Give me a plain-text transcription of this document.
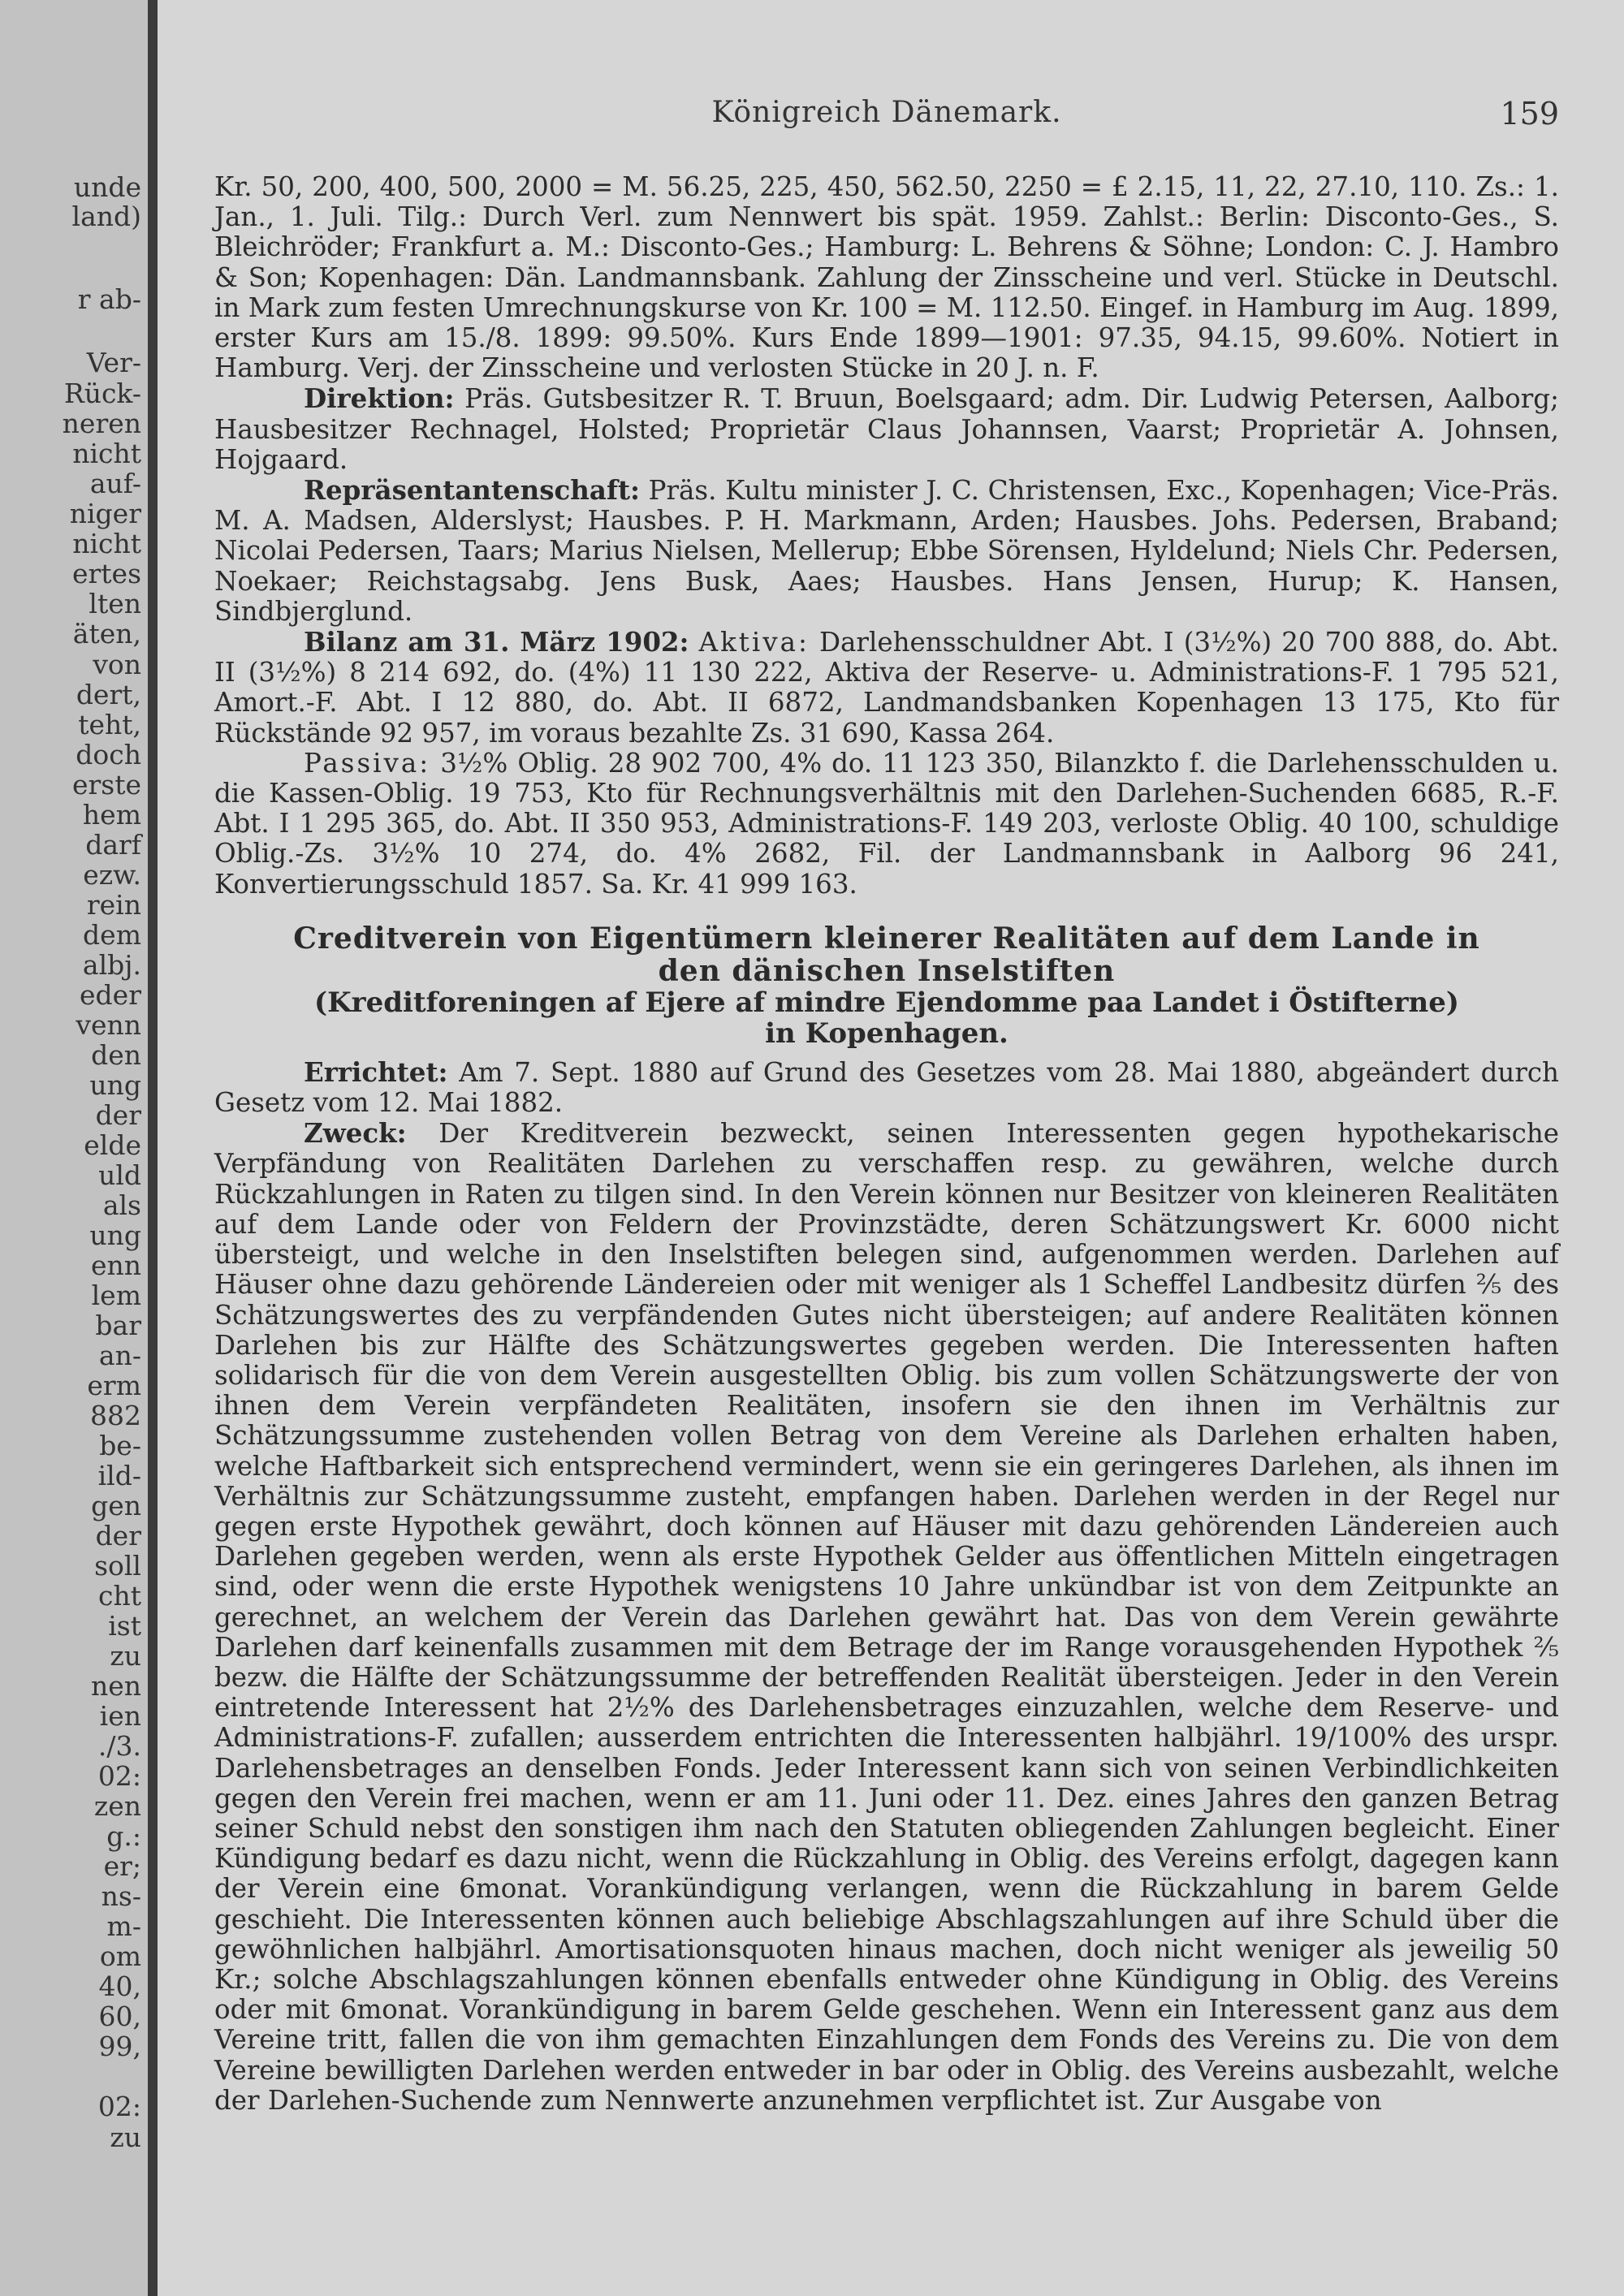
unde
land)
r ab-
Ver-
Rück-
neren
nicht
auf-
niger
nicht
ertes
lten
äten,
von
dert,
teht,
doch
erste
hem
darf
ezw.
rein
dem
albj.
eder
venn
den
ung
der
elde
uld
als
ung
enn
lem
bar
an-
erm
882
be-
ild-
gen
der
soll
cht
ist
zu
nen
ien
./3.
02:
zen
g.:
er;
ns-
m-
om
40,
60,
99,
02:
zu
Königreich Dänemark.	159

Kr. 50, 200, 400, 500, 2000 = M. 56.25, 225, 450, 562.50, 2250 = £ 2.15, 11, 22, 27.10, 110. Zs.: 1. Jan., 1. Juli. Tilg.: Durch Verl. zum Nennwert bis spät. 1959. Zahlst.: Berlin: Disconto-Ges., S. Bleichröder; Frankfurt a. M.: Disconto-Ges.; Hamburg: L. Behrens & Söhne; London: C. J. Hambro & Son; Kopenhagen: Dän. Landmannsbank. Zahlung der Zinsscheine und verl. Stücke in Deutschl. in Mark zum festen Umrechnungskurse von Kr. 100 = M. 112.50. Eingef. in Hamburg im Aug. 1899, erster Kurs am 15./8. 1899: 99.50%. Kurs Ende 1899—1901: 97.35, 94.15, 99.60%. Notiert in Hamburg. Verj. der Zinsscheine und verlosten Stücke in 20 J. n. F.

Direktion: Präs. Gutsbesitzer R. T. Bruun, Boelsgaard; adm. Dir. Ludwig Petersen, Aalborg; Hausbesitzer Rechnagel, Holsted; Proprietär Claus Johannsen, Vaarst; Proprietär A. Johnsen, Hojgaard.

Repräsentantenschaft: Präs. Kultu minister J. C. Christensen, Exc., Kopenhagen; Vice-Präs. M. A. Madsen, Alderslyst; Hausbes. P. H. Markmann, Arden; Hausbes. Johs. Pedersen, Braband; Nicolai Pedersen, Taars; Marius Nielsen, Mellerup; Ebbe Sörensen, Hyldelund; Niels Chr. Pedersen, Noekaer; Reichstagsabg. Jens Busk, Aaes; Hausbes. Hans Jensen, Hurup; K. Hansen, Sindbjerglund.

Bilanz am 31. März 1902: Aktiva: Darlehensschuldner Abt. I (3½%) 20 700 888, do. Abt. II (3½%) 8 214 692, do. (4%) 11 130 222, Aktiva der Reserve- u. Administrations-F. 1 795 521, Amort.-F. Abt. I 12 880, do. Abt. II 6872, Landmandsbanken Kopenhagen 13 175, Kto für Rückstände 92 957, im voraus bezahlte Zs. 31 690, Kassa 264.

Passiva: 3½% Oblig. 28 902 700, 4% do. 11 123 350, Bilanzkto f. die Darlehensschulden u. die Kassen-Oblig. 19 753, Kto für Rechnungsverhältnis mit den Darlehen-Suchenden 6685, R.-F. Abt. I 1 295 365, do. Abt. II 350 953, Administrations-F. 149 203, verloste Oblig. 40 100, schuldige Oblig.-Zs. 3½% 10 274, do. 4% 2682, Fil. der Landmannsbank in Aalborg 96 241, Konvertierungsschuld 1857. Sa. Kr. 41 999 163.

Creditverein von Eigentümern kleinerer Realitäten auf dem Lande in
den dänischen Inselstiften
(Kreditforeningen af Ejere af mindre Ejendomme paa Landet i Östifterne)
in Kopenhagen.

Errichtet: Am 7. Sept. 1880 auf Grund des Gesetzes vom 28. Mai 1880, abgeändert durch Gesetz vom 12. Mai 1882.

Zweck: Der Kreditverein bezweckt, seinen Interessenten gegen hypothekarische Verpfändung von Realitäten Darlehen zu verschaffen resp. zu gewähren, welche durch Rückzahlungen in Raten zu tilgen sind. In den Verein können nur Besitzer von kleineren Realitäten auf dem Lande oder von Feldern der Provinzstädte, deren Schätzungswert Kr. 6000 nicht übersteigt, und welche in den Inselstiften belegen sind, aufgenommen werden. Darlehen auf Häuser ohne dazu gehörende Ländereien oder mit weniger als 1 Scheffel Landbesitz dürfen ⅖ des Schätzungswertes des zu verpfändenden Gutes nicht übersteigen; auf andere Realitäten können Darlehen bis zur Hälfte des Schätzungswertes gegeben werden. Die Interessenten haften solidarisch für die von dem Verein ausgestellten Oblig. bis zum vollen Schätzungswerte der von ihnen dem Verein verpfändeten Realitäten, insofern sie den ihnen im Verhältnis zur Schätzungssumme zustehenden vollen Betrag von dem Vereine als Darlehen erhalten haben, welche Haftbarkeit sich entsprechend vermindert, wenn sie ein geringeres Darlehen, als ihnen im Verhältnis zur Schätzungssumme zusteht, empfangen haben. Darlehen werden in der Regel nur gegen erste Hypothek gewährt, doch können auf Häuser mit dazu gehörenden Ländereien auch Darlehen gegeben werden, wenn als erste Hypothek Gelder aus öffentlichen Mitteln eingetragen sind, oder wenn die erste Hypothek wenigstens 10 Jahre unkündbar ist von dem Zeitpunkte an gerechnet, an welchem der Verein das Darlehen gewährt hat. Das von dem Verein gewährte Darlehen darf keinenfalls zusammen mit dem Betrage der im Range vorausgehenden Hypothek ⅖ bezw. die Hälfte der Schätzungssumme der betreffenden Realität übersteigen. Jeder in den Verein eintretende Interessent hat 2½% des Darlehensbetrages einzuzahlen, welche dem Reserve- und Administrations-F. zufallen; ausserdem entrichten die Interessenten halbjährl. 19/100% des urspr. Darlehensbetrages an denselben Fonds. Jeder Interessent kann sich von seinen Verbindlichkeiten gegen den Verein frei machen, wenn er am 11. Juni oder 11. Dez. eines Jahres den ganzen Betrag seiner Schuld nebst den sonstigen ihm nach den Statuten obliegenden Zahlungen begleicht. Einer Kündigung bedarf es dazu nicht, wenn die Rückzahlung in Oblig. des Vereins erfolgt, dagegen kann der Verein eine 6monat. Vorankündigung verlangen, wenn die Rückzahlung in barem Gelde geschieht. Die Interessenten können auch beliebige Abschlagszahlungen auf ihre Schuld über die gewöhnlichen halbjährl. Amortisationsquoten hinaus machen, doch nicht weniger als jeweilig 50 Kr.; solche Abschlagszahlungen können ebenfalls entweder ohne Kündigung in Oblig. des Vereins oder mit 6monat. Vorankündigung in barem Gelde geschehen. Wenn ein Interessent ganz aus dem Vereine tritt, fallen die von ihm gemachten Einzahlungen dem Fonds des Vereins zu. Die von dem Vereine bewilligten Darlehen werden entweder in bar oder in Oblig. des Vereins ausbezahlt, welche der Darlehen-Suchende zum Nennwerte anzunehmen verpflichtet ist. Zur Ausgabe von
